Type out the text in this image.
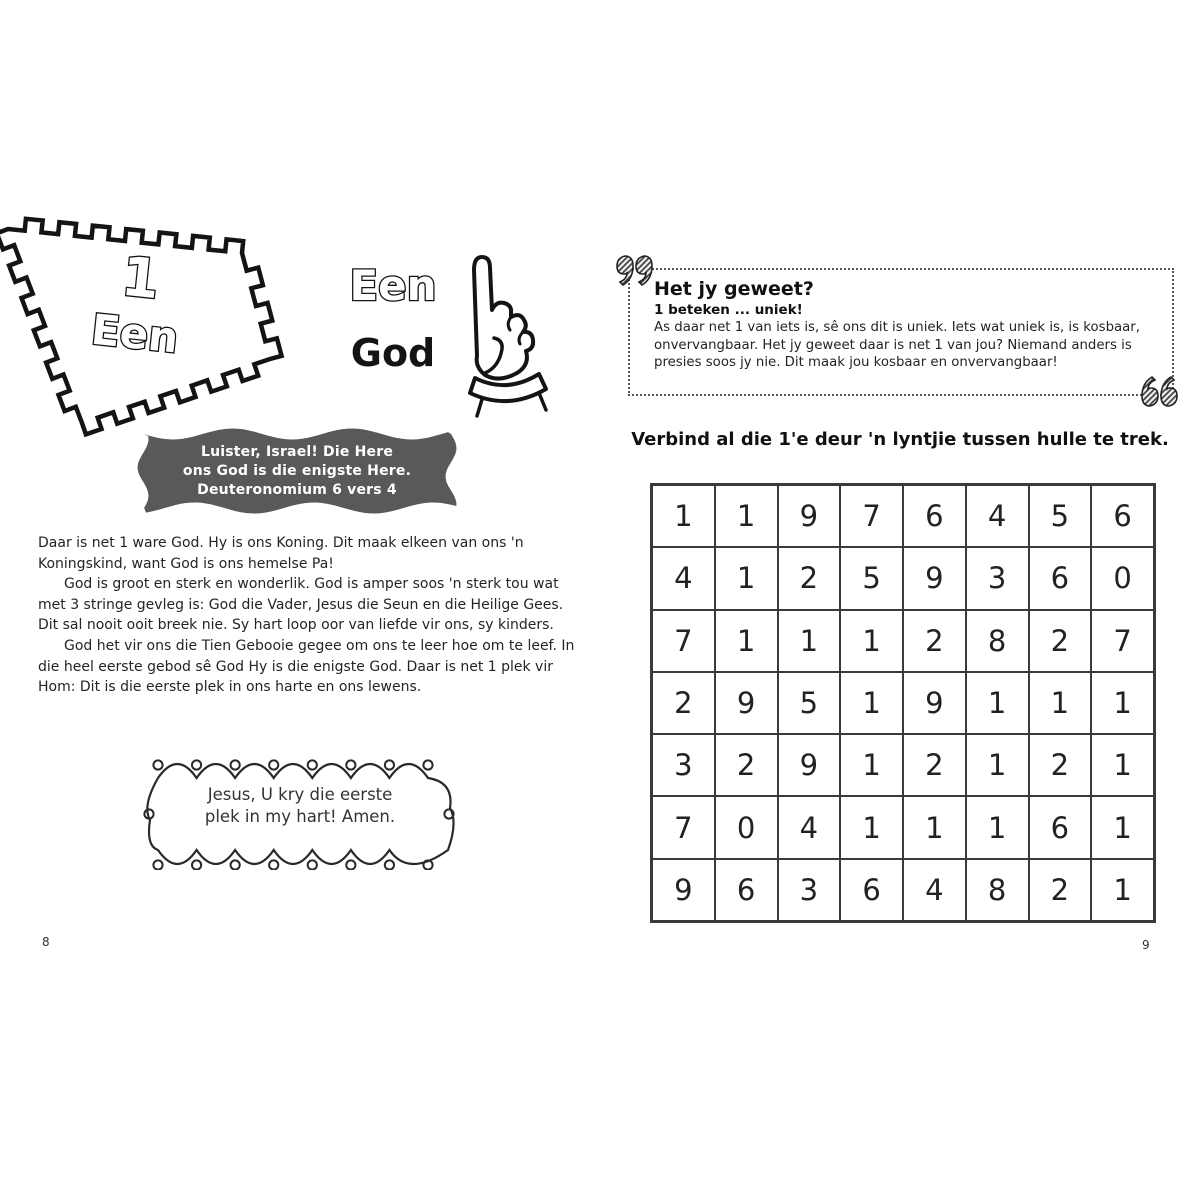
1
Een
Een
God
Luister, Israel! Die Here
ons God is die enigste Here.
Deuteronomium 6 vers 4

Daar is net 1 ware God. Hy is ons Koning. Dit maak elkeen van ons 'n Koningskind, want God is ons hemelse Pa!

God is groot en sterk en wonderlik. God is amper soos 'n sterk tou wat met 3 stringe gevleg is: God die Vader, Jesus die Seun en die Heilige Gees. Dit sal nooit ooit breek nie. Sy hart loop oor van liefde vir ons, sy kinders.

God het vir ons die Tien Gebooie gegee om ons te leer hoe om te leef. In die heel eerste gebod sê God Hy is die enigste God. Daar is net 1 plek vir Hom: Dit is die eerste plek in ons harte en ons lewens.

Jesus, U kry die eerste
plek in my hart! Amen.
8
Het jy geweet?
1 beteken ... uniek!
As daar net 1 van iets is, sê ons dit is uniek. Iets wat uniek is, is kosbaar, onvervangbaar. Het jy geweet daar is net 1 van jou? Niemand anders is presies soos jy nie. Dit maak jou kosbaar en onvervangbaar!
Verbind al die 1'e deur 'n lyntjie tussen hulle te trek.
1	1	9	7	6	4	5	6
4	1	2	5	9	3	6	0
7	1	1	1	2	8	2	7
2	9	5	1	9	1	1	1
3	2	9	1	2	1	2	1
7	0	4	1	1	1	6	1
9	6	3	6	4	8	2	1
9
